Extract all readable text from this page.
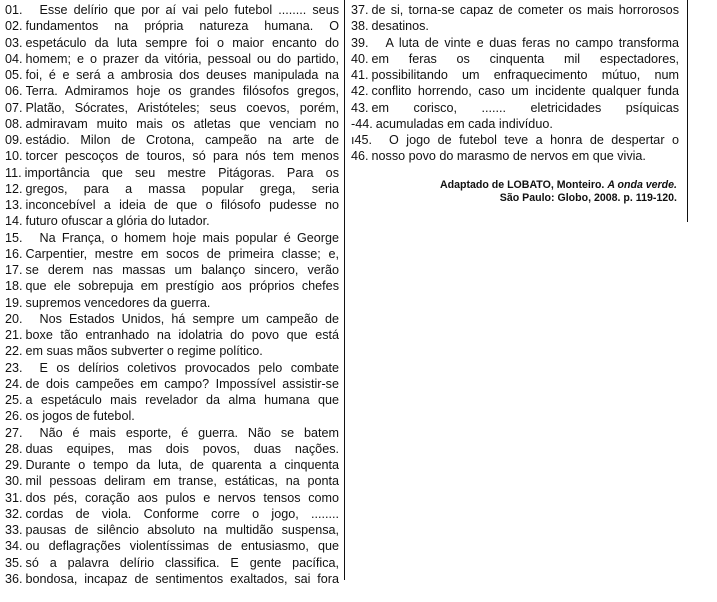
01.	Esse delírio que por aí vai pelo futebol ........ seus
02. fundamentos na própria natureza humana. O
03. espetáculo da luta sempre foi o maior encanto do
04. homem; e o prazer da vitória, pessoal ou do partido,
05. foi, é e será a ambrosia dos deuses manipulada na
06. Terra. Admiramos hoje os grandes filósofos gregos,
07. Platão, Sócrates, Aristóteles; seus coevos, porém,
08. admiravam muito mais os atletas que venciam no
09. estádio. Milon de Crotona, campeão na arte de
10. torcer pescoços de touros, só para nós tem menos
11. importância que seu mestre Pitágoras. Para os
12. gregos, para a massa popular grega, seria
13. inconcebível a ideia de que o filósofo pudesse no
14. futuro ofuscar a glória do lutador.
15.	Na França, o homem hoje mais popular é George
16. Carpentier, mestre em socos de primeira classe; e,
17. se derem nas massas um balanço sincero, verão
18. que ele sobrepuja em prestígio aos próprios chefes
19. supremos vencedores da guerra.
20.	Nos Estados Unidos, há sempre um campeão de
21. boxe tão entranhado na idolatria do povo que está
22. em suas mãos subverter o regime político.
23.	E os delírios coletivos provocados pelo combate
24. de dois campeões em campo? Impossível assistir-se
25. a espetáculo mais revelador da alma humana que
26. os jogos de futebol.
27.	Não é mais esporte, é guerra. Não se batem
28. duas equipes, mas dois povos, duas nações.
29. Durante o tempo da luta, de quarenta a cinquenta
30. mil pessoas deliram em transe, estáticas, na ponta
31. dos pés, coração aos pulos e nervos tensos como
32. cordas de viola. Conforme corre o jogo, ........
33. pausas de silêncio absoluto na multidão suspensa,
34. ou deflagrações violentíssimas de entusiasmo, que
35. só a palavra delírio classifica. E gente pacífica,
36. bondosa, incapaz de sentimentos exaltados, sai fora
37. de si, torna-se capaz de cometer os mais horrorosos
38. desatinos.
39.	A luta de vinte e duas feras no campo transforma
40. em feras os cinquenta mil espectadores,
41. possibilitando um enfraquecimento mútuo, num
42. conflito horrendo, caso um incidente qualquer funda
43. em corisco, ....... eletricidades psíquicas
-44. acumuladas em cada indivíduo.
ı45.	O jogo de futebol teve a honra de despertar o
46. nosso povo do marasmo de nervos em que vivia.
Adaptado de LOBATO, Monteiro. A onda verde.
São Paulo: Globo, 2008. p. 119-120.
